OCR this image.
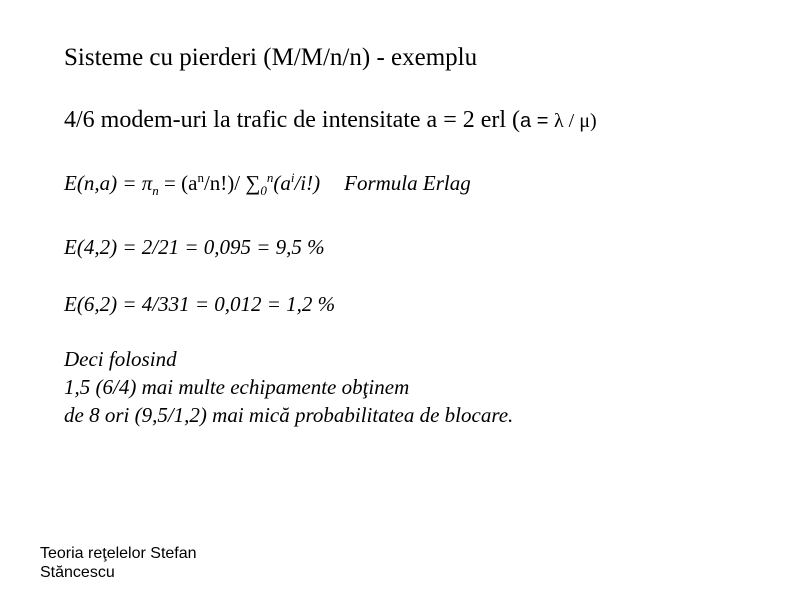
Sisteme cu pierderi (M/M/n/n) - exemplu
4/6 modem-uri la trafic de intensitate a = 2 erl (a = λ / μ)
$E(n,a) = \pi_n = (a^n/n!)/$ $\sum_0^n(a^i/i!)$ Formula Erlag
E(4,2) = 2/21 = 0,095 = 9,5 %
E(6,2) = 4/331 = 0,012 = 1,2 %
Deci folosind
1,5 (6/4) mai multe echipamente obţinem
de 8 ori (9,5/1,2) mai mică probabilitatea de blocare.
Teoria reţelelor Stefan
Stăncescu
